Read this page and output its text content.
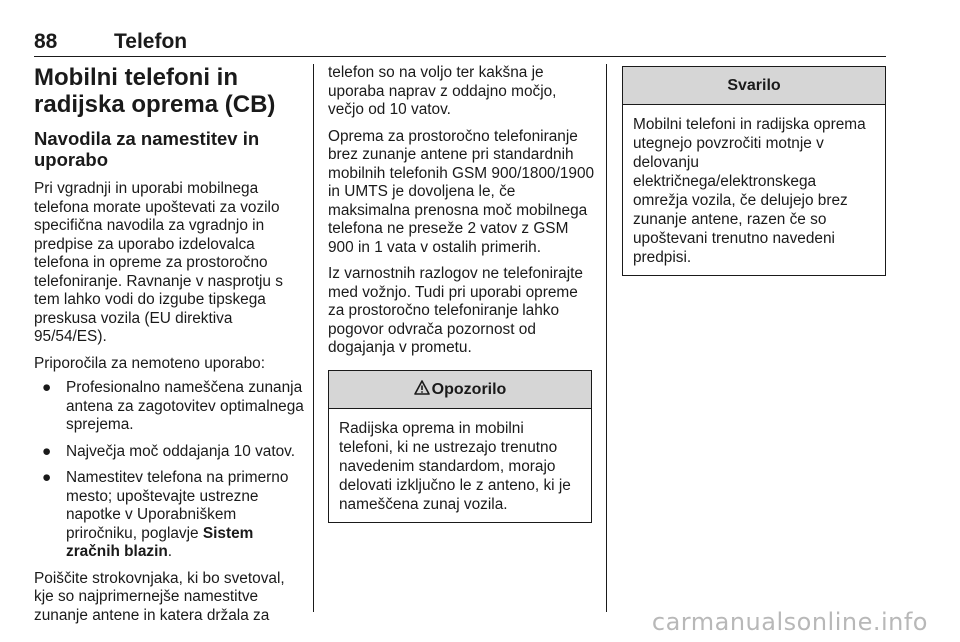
88	Telefon
Mobilni telefoni in radijska oprema (CB)
Navodila za namestitev in uporabo

Pri vgradnji in uporabi mobilnega telefona morate upoštevati za vozilo specifična navodila za vgradnjo in predpise za uporabo izdelovalca telefona in opreme za prostoročno telefoniranje. Ravnanje v nasprotju s tem lahko vodi do izgube tipskega preskusa vozila (EU direktiva 95/54/ES).

Priporočila za nemoteno uporabo:

● Profesionalno nameščena zunanja antena za zagotovitev optimalnega sprejema.
● Največja moč oddajanja 10 vatov.
● Namestitev telefona na primerno mesto; upoštevajte ustrezne napotke v Uporabniškem priročniku, poglavje Sistem zračnih blazin.

Poiščite strokovnjaka, ki bo svetoval, kje so najprimernejše namestitve zunanje antene in katera držala za

telefon so na voljo ter kakšna je uporaba naprav z oddajno močjo, večjo od 10 vatov.

Oprema za prostoročno telefoniranje brez zunanje antene pri standardnih mobilnih telefonih GSM 900/1800/1900 in UMTS je dovoljena le, če maksimalna prenosna moč mobilnega telefona ne preseže 2 vatov z GSM 900 in 1 vata v ostalih primerih.

Iz varnostnih razlogov ne telefonirajte med vožnjo. Tudi pri uporabi opreme za prostoročno telefoniranje lahko pogovor odvrača pozornost od dogajanja v prometu.

Opozorilo
Radijska oprema in mobilni telefoni, ki ne ustrezajo trenutno navedenim standardom, morajo delovati izključno le z anteno, ki je nameščena zunaj vozila.
Svarilo
Mobilni telefoni in radijska oprema utegnejo povzročiti motnje v delovanju električnega/elektronskega omrežja vozila, če delujejo brez zunanje antene, razen če so upoštevani trenutno navedeni predpisi.
carmanualsonline.info
